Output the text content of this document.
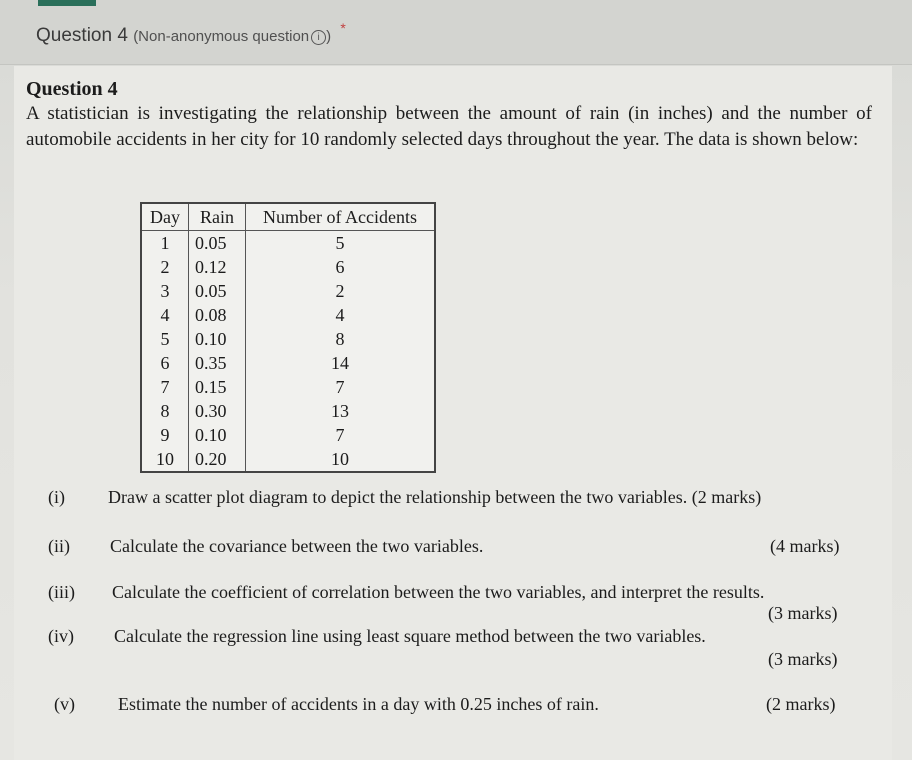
Question 4 (Non-anonymous question i ) *
Question 4
A statistician is investigating the relationship between the amount of rain (in inches) and the number of automobile accidents in her city for 10 randomly selected days throughout the year. The data is shown below:
Day	Rain	Number of Accidents
1	0.05	5
2	0.12	6
3	0.05	2
4	0.08	4
5	0.10	8
6	0.35	14
7	0.15	7
8	0.30	13
9	0.10	7
10	0.20	10
(i) Draw a scatter plot diagram to depict the relationship between the two variables. (2 marks)
(ii) Calculate the covariance between the two variables.	(4 marks)
(iii) Calculate the coefficient of correlation between the two variables, and interpret the results.
(3 marks)
(iv) Calculate the regression line using least square method between the two variables.
(3 marks)
(v) Estimate the number of accidents in a day with 0.25 inches of rain.	(2 marks)
